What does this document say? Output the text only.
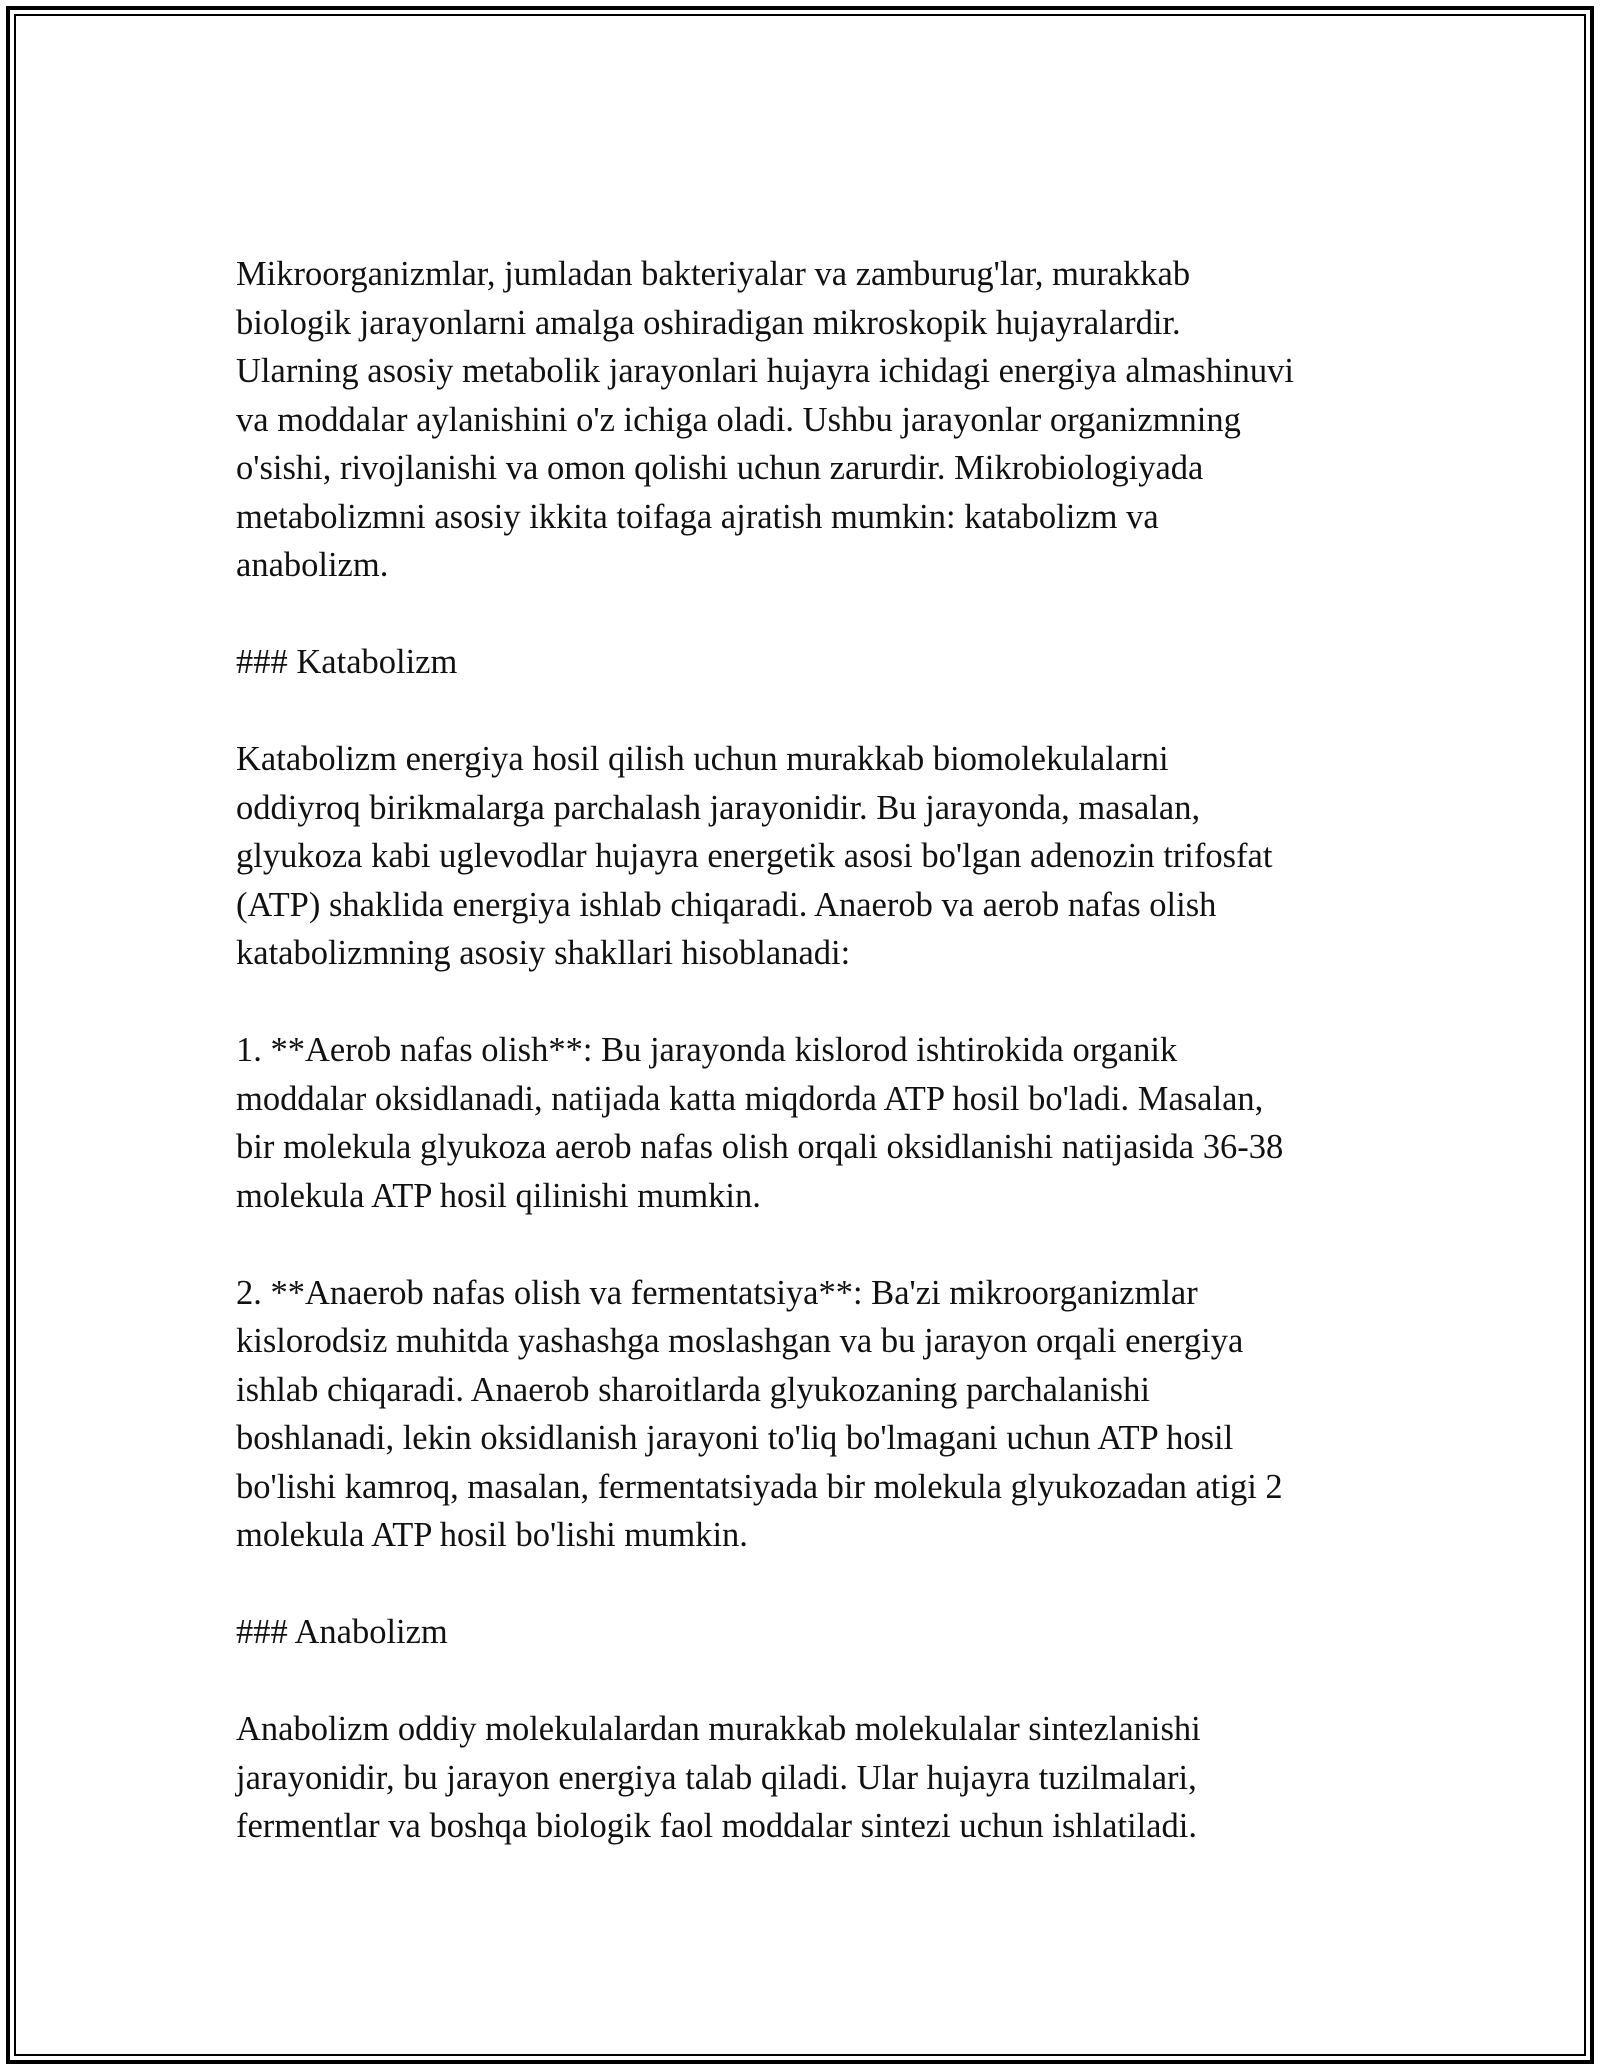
Mikroorganizmlar, jumladan bakteriyalar va zamburug'lar, murakkab
biologik jarayonlarni amalga oshiradigan mikroskopik hujayralardir.
Ularning asosiy metabolik jarayonlari hujayra ichidagi energiya almashinuvi
va moddalar aylanishini o'z ichiga oladi. Ushbu jarayonlar organizmning
o'sishi, rivojlanishi va omon qolishi uchun zarurdir. Mikrobiologiyada
metabolizmni asosiy ikkita toifaga ajratish mumkin: katabolizm va
anabolizm.

### Katabolizm

Katabolizm energiya hosil qilish uchun murakkab biomolekulalarni
oddiyroq birikmalarga parchalash jarayonidir. Bu jarayonda, masalan,
glyukoza kabi uglevodlar hujayra energetik asosi bo'lgan adenozin trifosfat
(ATP) shaklida energiya ishlab chiqaradi. Anaerob va aerob nafas olish
katabolizmning asosiy shakllari hisoblanadi:

1. **Aerob nafas olish**: Bu jarayonda kislorod ishtirokida organik
moddalar oksidlanadi, natijada katta miqdorda ATP hosil bo'ladi. Masalan,
bir molekula glyukoza aerob nafas olish orqali oksidlanishi natijasida 36-38
molekula ATP hosil qilinishi mumkin.

2. **Anaerob nafas olish va fermentatsiya**: Ba'zi mikroorganizmlar
kislorodsiz muhitda yashashga moslashgan va bu jarayon orqali energiya
ishlab chiqaradi. Anaerob sharoitlarda glyukozaning parchalanishi
boshlanadi, lekin oksidlanish jarayoni to'liq bo'lmagani uchun ATP hosil
bo'lishi kamroq, masalan, fermentatsiyada bir molekula glyukozadan atigi 2
molekula ATP hosil bo'lishi mumkin.

### Anabolizm

Anabolizm oddiy molekulalardan murakkab molekulalar sintezlanishi
jarayonidir, bu jarayon energiya talab qiladi. Ular hujayra tuzilmalari,
fermentlar va boshqa biologik faol moddalar sintezi uchun ishlatiladi.
